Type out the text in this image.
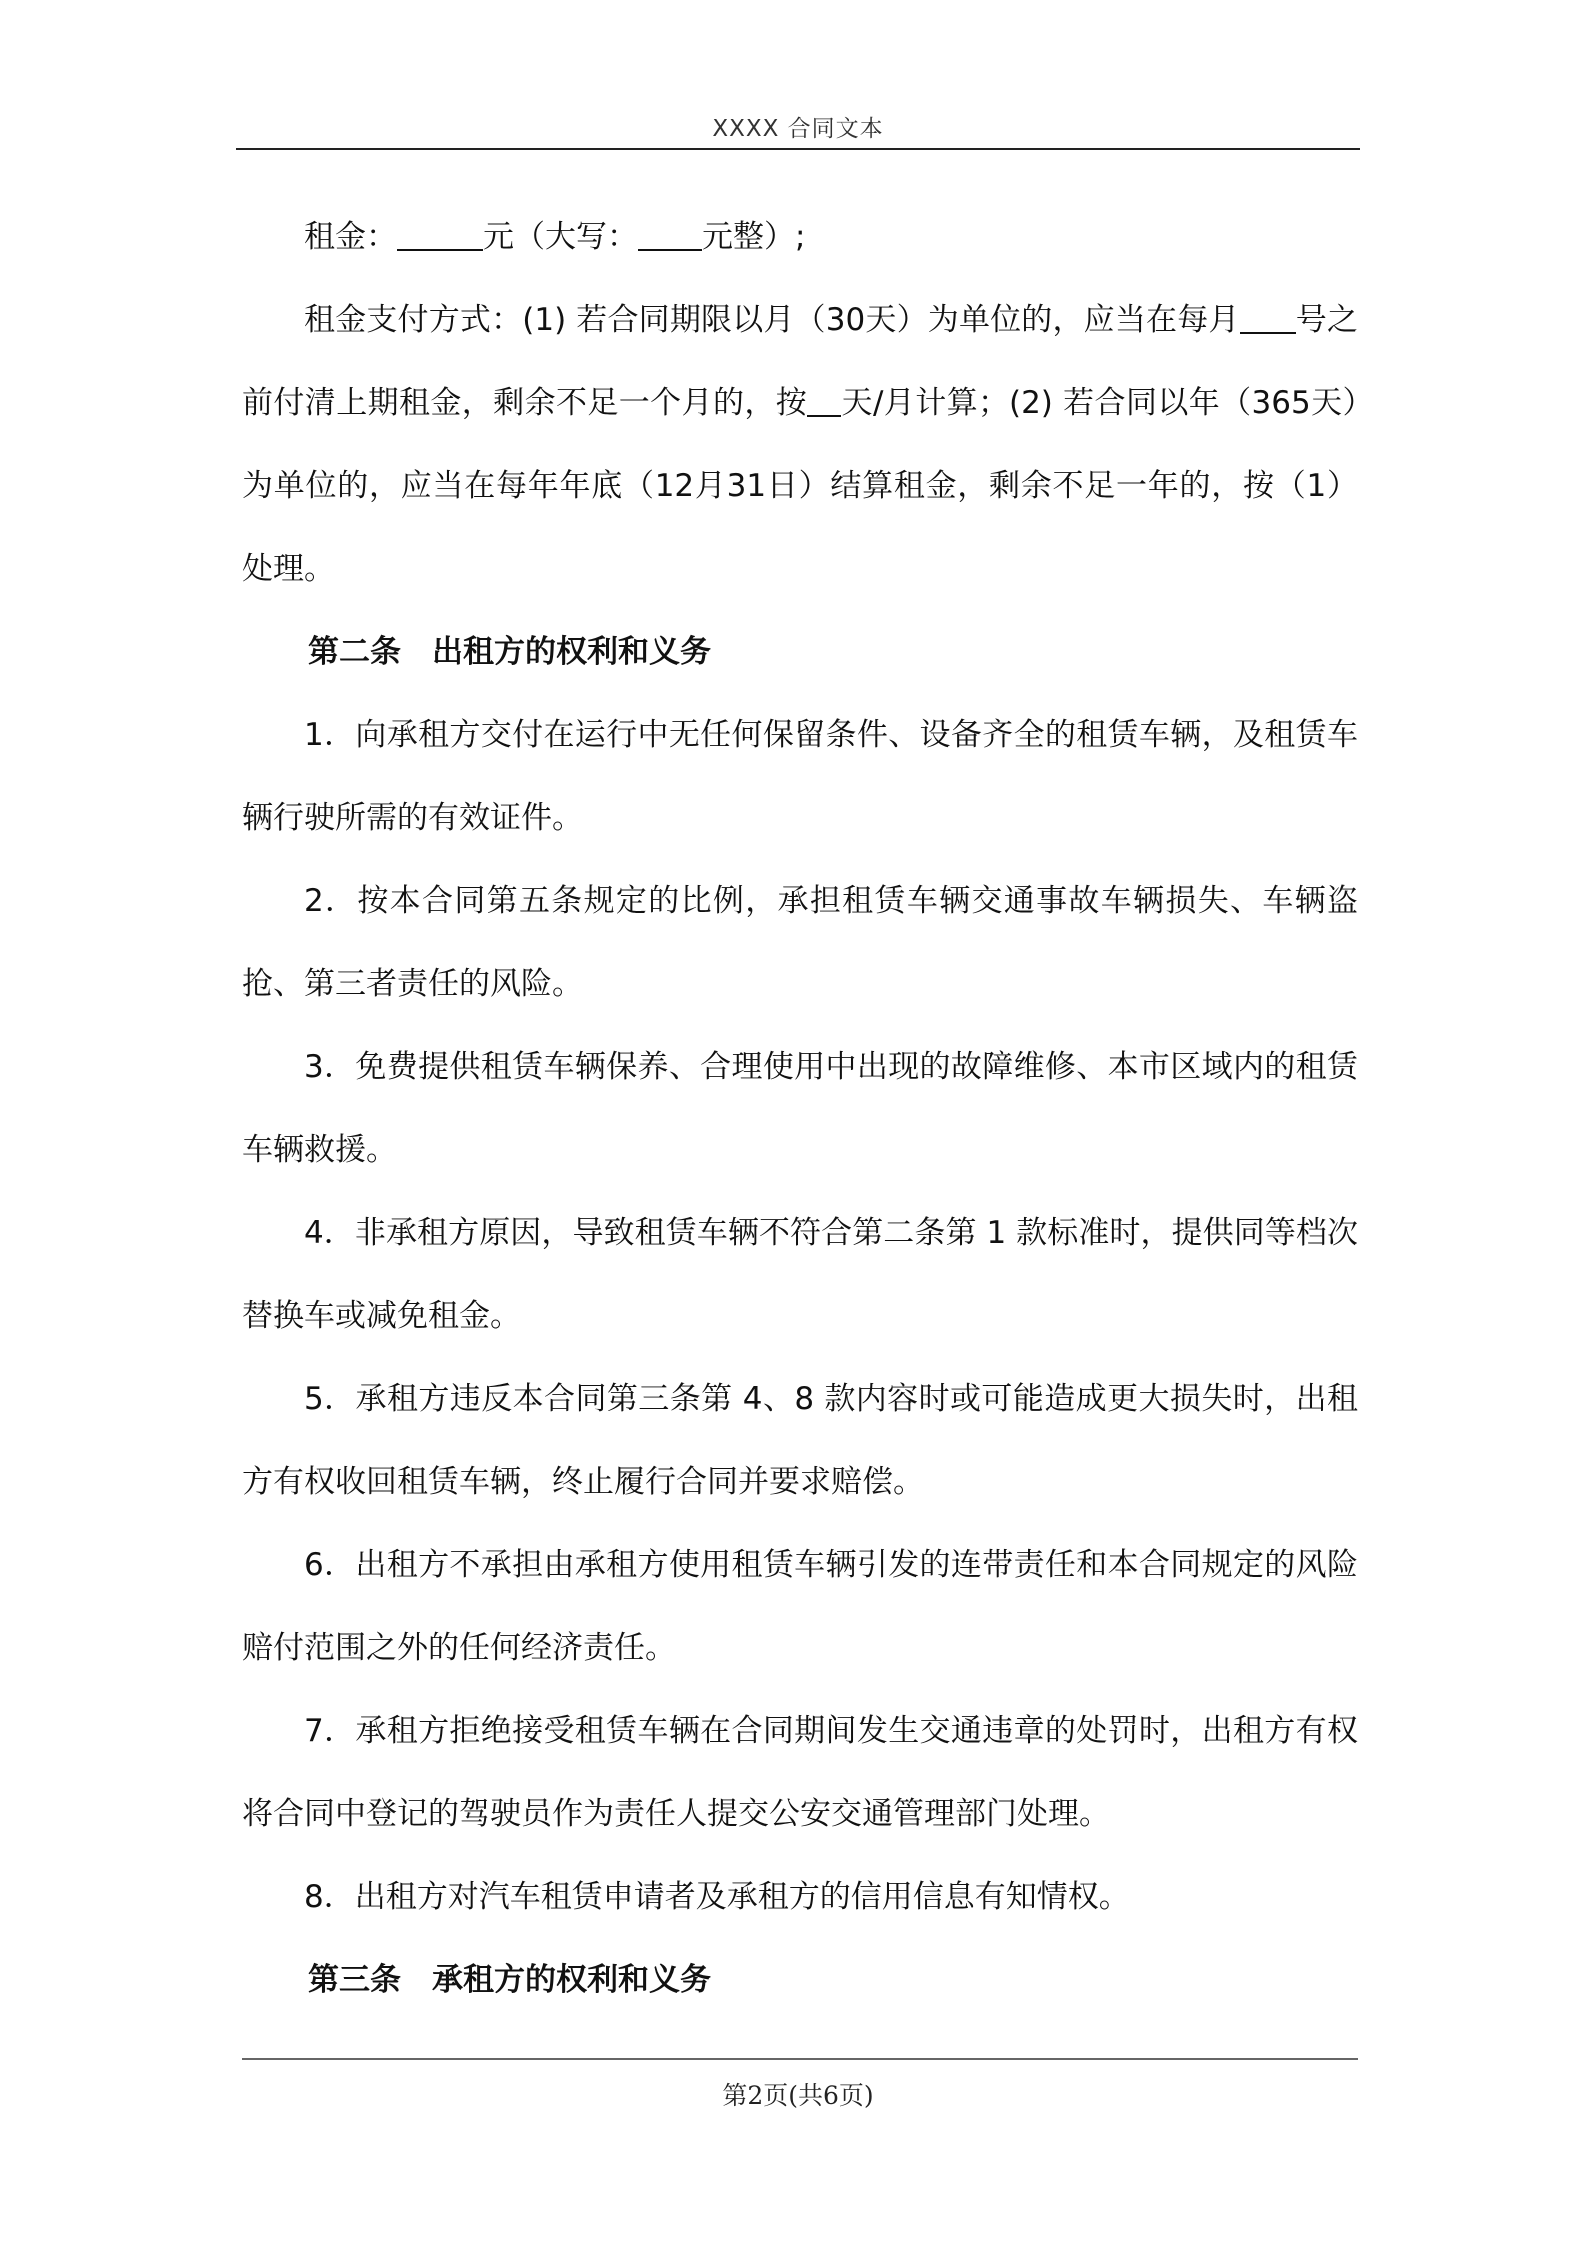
XXXX 合同文本

租金：	元（大写： 元整）;

租金支付方式：(1) 若合同期限以月（30天）为单位的，应当在每月 号之前付清上期租金，剩余不足一个月的，按 天/月计算；(2) 若合同以年（365天）为单位的，应当在每年年底（12月31日）结算租金，剩余不足一年的，按（1）处理。

第二条　出租方的权利和义务

1．向承租方交付在运行中无任何保留条件、设备齐全的租赁车辆，及租赁车辆行驶所需的有效证件。

2．按本合同第五条规定的比例，承担租赁车辆交通事故车辆损失、车辆盗抢、第三者责任的风险。

3．免费提供租赁车辆保养、合理使用中出现的故障维修、本市区域内的租赁车辆救援。

4．非承租方原因，导致租赁车辆不符合第二条第 1 款标准时，提供同等档次替换车或减免租金。

5．承租方违反本合同第三条第 4、8 款内容时或可能造成更大损失时，出租方有权收回租赁车辆，终止履行合同并要求赔偿。

6．出租方不承担由承租方使用租赁车辆引发的连带责任和本合同规定的风险赔付范围之外的任何经济责任。

7．承租方拒绝接受租赁车辆在合同期间发生交通违章的处罚时，出租方有权将合同中登记的驾驶员作为责任人提交公安交通管理部门处理。

8．出租方对汽车租赁申请者及承租方的信用信息有知情权。

第三条　承租方的权利和义务

第2页(共6页)
